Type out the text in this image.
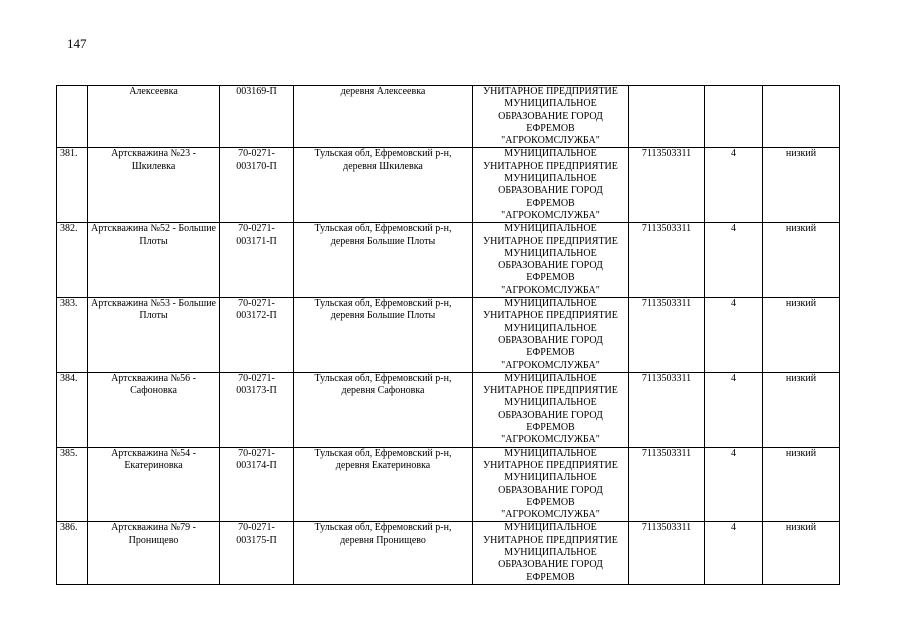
147
	Алексеевка	003169-П	деревня Алексеевка	УНИТАРНОЕ ПРЕДПРИЯТИЕ МУНИЦИПАЛЬНОЕ ОБРАЗОВАНИЕ ГОРОД ЕФРЕМОВ "АГРОКОМСЛУЖБА"			
381.	Артскважина №23 - Шкилевка	70-0271-003170-П	Тульская обл, Ефремовский р-н, деревня Шкилевка	МУНИЦИПАЛЬНОЕ УНИТАРНОЕ ПРЕДПРИЯТИЕ МУНИЦИПАЛЬНОЕ ОБРАЗОВАНИЕ ГОРОД ЕФРЕМОВ "АГРОКОМСЛУЖБА"	7113503311	4	низкий
382.	Артскважина №52 - Большие Плоты	70-0271-003171-П	Тульская обл, Ефремовский р-н, деревня Большие Плоты	МУНИЦИПАЛЬНОЕ УНИТАРНОЕ ПРЕДПРИЯТИЕ МУНИЦИПАЛЬНОЕ ОБРАЗОВАНИЕ ГОРОД ЕФРЕМОВ "АГРОКОМСЛУЖБА"	7113503311	4	низкий
383.	Артскважина №53 - Большие Плоты	70-0271-003172-П	Тульская обл, Ефремовский р-н, деревня Большие Плоты	МУНИЦИПАЛЬНОЕ УНИТАРНОЕ ПРЕДПРИЯТИЕ МУНИЦИПАЛЬНОЕ ОБРАЗОВАНИЕ ГОРОД ЕФРЕМОВ "АГРОКОМСЛУЖБА"	7113503311	4	низкий
384.	Артскважина №56 - Сафоновка	70-0271-003173-П	Тульская обл, Ефремовский р-н, деревня Сафоновка	МУНИЦИПАЛЬНОЕ УНИТАРНОЕ ПРЕДПРИЯТИЕ МУНИЦИПАЛЬНОЕ ОБРАЗОВАНИЕ ГОРОД ЕФРЕМОВ "АГРОКОМСЛУЖБА"	7113503311	4	низкий
385.	Артскважина №54 - Екатериновка	70-0271-003174-П	Тульская обл, Ефремовский р-н, деревня Екатериновка	МУНИЦИПАЛЬНОЕ УНИТАРНОЕ ПРЕДПРИЯТИЕ МУНИЦИПАЛЬНОЕ ОБРАЗОВАНИЕ ГОРОД ЕФРЕМОВ "АГРОКОМСЛУЖБА"	7113503311	4	низкий
386.	Артскважина №79 - Пронищево	70-0271-003175-П	Тульская обл, Ефремовский р-н, деревня Пронищево	МУНИЦИПАЛЬНОЕ УНИТАРНОЕ ПРЕДПРИЯТИЕ МУНИЦИПАЛЬНОЕ ОБРАЗОВАНИЕ ГОРОД ЕФРЕМОВ	7113503311	4	низкий
